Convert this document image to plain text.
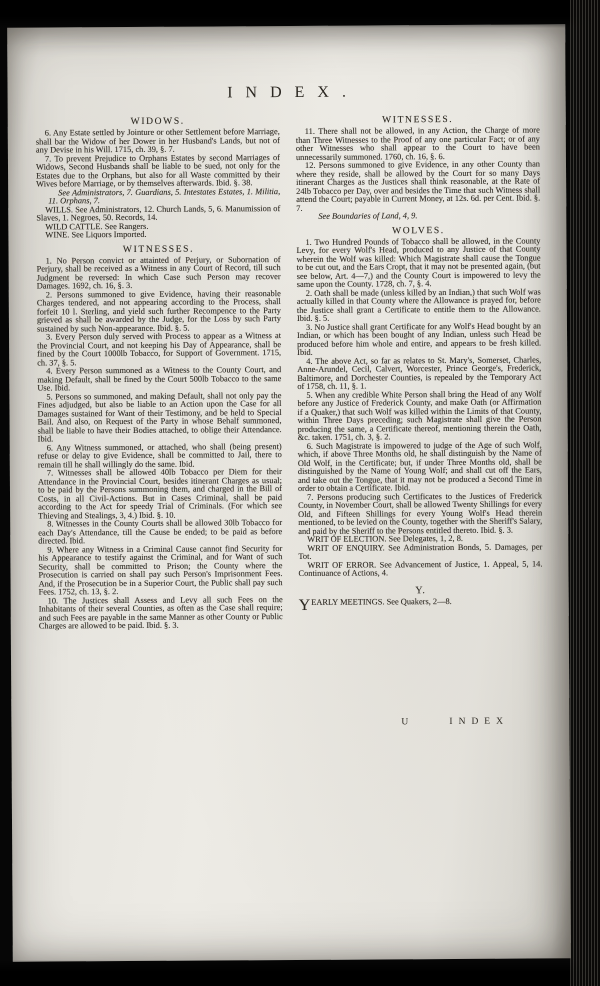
INDEX.
WIDOWS.

6. Any Estate settled by Jointure or other Settlement before Marriage, shall bar the Widow of her Dower in her Husband's Lands, but not of any Devise in his Will. 1715, ch. 39, §. 7.

7. To prevent Prejudice to Orphans Estates by second Marriages of Widows, Second Husbands shall be liable to be sued, not only for the Estates due to the Orphans, but also for all Waste committed by their Wives before Marriage, or by themselves afterwards. Ibid. §. 38.

See Administrators, 7. Guardians, 5. Intestates Estates, 1. Militia, 11. Orphans, 7.

WILLS. See Administrators, 12. Church Lands, 5, 6. Manumission of Slaves, 1. Negroes, 50. Records, 14.

WILD CATTLE. See Rangers.

WINE. See Liquors Imported.

WITNESSES.

1. No Person convict or attainted of Perjury, or Subornation of Perjury, shall be received as a Witness in any Court of Record, till such Judgment be reversed: In which Case such Person may recover Damages. 1692, ch. 16, §. 3.

2. Persons summoned to give Evidence, having their reasonable Charges tendered, and not appearing according to the Process, shall forfeit 10 l. Sterling, and yield such further Recompence to the Party grieved as shall be awarded by the Judge, for the Loss by such Party sustained by such Non-appearance. Ibid. §. 5.

3. Every Person duly served with Process to appear as a Witness at the Provincial Court, and not keeping his Day of Appearance, shall be fined by the Court 1000lb Tobacco, for Support of Government. 1715, ch. 37, §. 5.

4. Every Person summoned as a Witness to the County Court, and making Default, shall be fined by the Court 500lb Tobacco to the same Use. Ibid.

5. Persons so summoned, and making Default, shall not only pay the Fines adjudged, but also be liable to an Action upon the Case for all Damages sustained for Want of their Testimony, and be held to Special Bail. And also, on Request of the Party in whose Behalf summoned, shall be liable to have their Bodies attached, to oblige their Attendance. Ibid.

6. Any Witness summoned, or attached, who shall (being present) refuse or delay to give Evidence, shall be committed to Jail, there to remain till he shall willingly do the same. Ibid.

7. Witnesses shall be allowed 40lb Tobacco per Diem for their Attendance in the Provincial Court, besides itinerant Charges as usual; to be paid by the Persons summoning them, and charged in the Bill of Costs, in all Civil-Actions. But in Cases Criminal, shall be paid according to the Act for speedy Trial of Criminals. (For which see Thieving and Stealings, 3, 4.) Ibid. §. 10.

8. Witnesses in the County Courts shall be allowed 30lb Tobacco for each Day's Attendance, till the Cause be ended; to be paid as before directed. Ibid.

9. Where any Witness in a Criminal Cause cannot find Security for his Appearance to testify against the Criminal, and for Want of such Security, shall be committed to Prison; the County where the Prosecution is carried on shall pay such Person's Imprisonment Fees. And, if the Prosecution be in a Superior Court, the Public shall pay such Fees. 1752, ch. 13, §. 2.

10. The Justices shall Assess and Levy all such Fees on the Inhabitants of their several Counties, as often as the Case shall require; and such Fees are payable in the same Manner as other County or Public Charges are allowed to be paid. Ibid. §. 3.

WITNESSES.

11. There shall not be allowed, in any Action, the Charge of more than Three Witnesses to the Proof of any one particular Fact; or of any other Witnesses who shall appear to the Court to have been unnecessarily summoned. 1760, ch. 16, §. 6.

12. Persons summoned to give Evidence, in any other County than where they reside, shall be allowed by the Court for so many Days itinerant Charges as the Justices shall think reasonable, at the Rate of 24lb Tobacco per Day, over and besides the Time that such Witness shall attend the Court; payable in Current Money, at 12s. 6d. per Cent. Ibid. §. 7.

See Boundaries of Land, 4, 9.

WOLVES.

1. Two Hundred Pounds of Tobacco shall be allowed, in the County Levy, for every Wolf's Head, produced to any Justice of that County wherein the Wolf was killed: Which Magistrate shall cause the Tongue to be cut out, and the Ears Cropt, that it may not be presented again, (but see below, Art. 4—7,) and the County Court is impowered to levy the same upon the County. 1728, ch. 7, §. 4.

2. Oath shall be made (unless killed by an Indian,) that such Wolf was actually killed in that County where the Allowance is prayed for, before the Justice shall grant a Certificate to entitle them to the Allowance. Ibid. §. 5.

3. No Justice shall grant Certificate for any Wolf's Head bought by an Indian, or which has been bought of any Indian, unless such Head be produced before him whole and entire, and appears to be fresh killed. Ibid.

4. The above Act, so far as relates to St. Mary's, Somerset, Charles, Anne-Arundel, Cecil, Calvert, Worcester, Prince George's, Frederick, Baltimore, and Dorchester Counties, is repealed by the Temporary Act of 1758, ch. 11, §. 1.

5. When any credible White Person shall bring the Head of any Wolf before any Justice of Frederick County, and make Oath (or Affirmation if a Quaker,) that such Wolf was killed within the Limits of that County, within Three Days preceding; such Magistrate shall give the Person producing the same, a Certificate thereof, mentioning therein the Oath, &c. taken. 1751, ch. 3, §. 2.

6. Such Magistrate is impowered to judge of the Age of such Wolf, which, if above Three Months old, he shall distinguish by the Name of Old Wolf, in the Certificate; but, if under Three Months old, shall be distinguished by the Name of Young Wolf; and shall cut off the Ears, and take out the Tongue, that it may not be produced a Second Time in order to obtain a Certificate. Ibid.

7. Persons producing such Certificates to the Justices of Frederick County, in November Court, shall be allowed Twenty Shillings for every Old, and Fifteen Shillings for every Young Wolf's Head therein mentioned, to be levied on the County, together with the Sheriff's Salary, and paid by the Sheriff to the Persons entitled thereto. Ibid. §. 3.

WRIT OF ELECTION. See Delegates, 1, 2, 8.

WRIT OF ENQUIRY. See Administration Bonds, 5. Damages, per Tot.

WRIT OF ERROR. See Advancement of Justice, 1. Appeal, 5, 14. Continuance of Actions, 4.

Y.

YEARLY MEETINGS. See Quakers, 2—8.

U	INDEX
